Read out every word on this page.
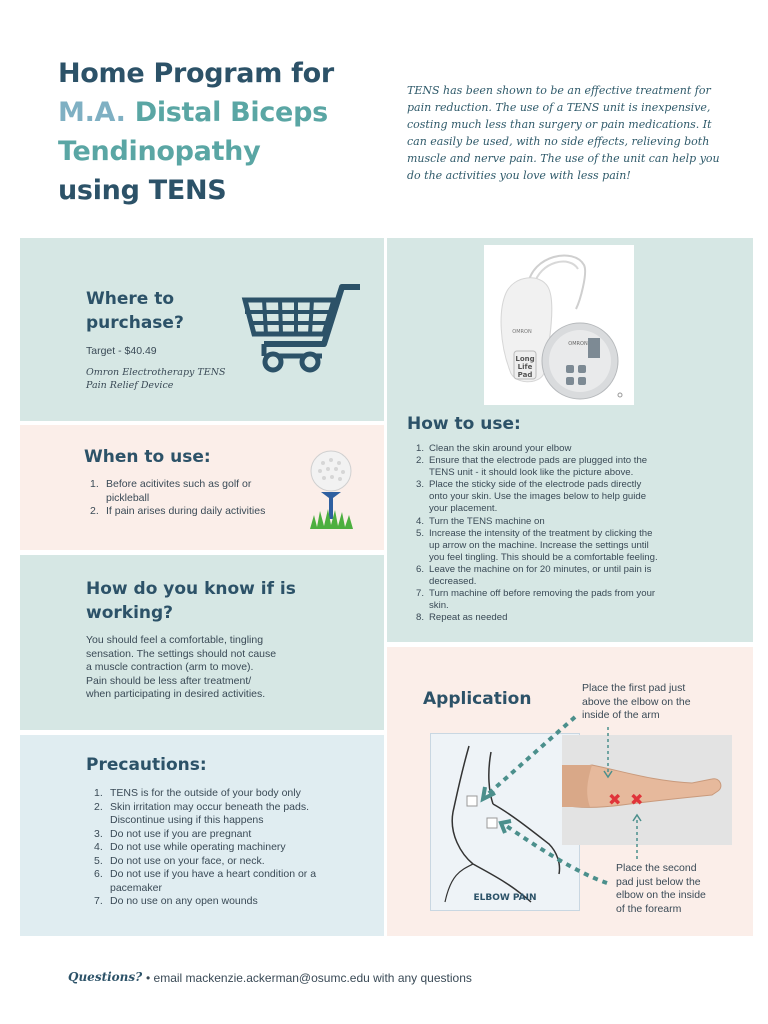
Home Program for
M.A. Distal Biceps
Tendinopathy
using TENS
TENS has been shown to be an effective treatment for
pain reduction. The use of a TENS unit is inexpensive,
costing much less than surgery or pain medications. It
can easily be used, with no side effects, relieving both
muscle and nerve pain. The use of the unit can help you
do the activities you love with less pain!
Where to
purchase?
Target - $40.49
Omron Electrotherapy TENS
Pain Relief Device
When to use:
1. Before acitivites such as golf or
pickleball
2. If pain arises during daily activities
How do you know if is
working?
You should feel a comfortable, tingling
sensation. The settings should not cause
a muscle contraction (arm to move).
Pain should be less after treatment/
when participating in desired activities.
Precautions:
1. TENS is for the outside of your body only
2. Skin irritation may occur beneath the pads.
Discontinue using if this happens
3. Do not use if you are pregnant
4. Do not use while operating machinery
5. Do not use on your face, or neck.
6. Do not use if you have a heart condition or a
pacemaker
7. Do no use on any open wounds
Long
Life
Pad
OMRON
OMRON
How to use:
1. Clean the skin around your elbow
2. Ensure that the electrode pads are plugged into the
TENS unit - it should look like the picture above.
3. Place the sticky side of the electrode pads directly
onto your skin. Use the images below to help guide
your placement.
4. Turn the TENS machine on
5. Increase the intensity of the treatment by clicking the
up arrow on the machine. Increase the settings until
you feel tingling. This should be a comfortable feeling.
6. Leave the machine on for 20 minutes, or until pain is
decreased.
7. Turn machine off before removing the pads from your
skin.
8. Repeat as needed
Application
Place the first pad just
above the elbow on the
inside of the arm
Place the second
pad just below the
elbow on the inside
of the forearm
ELBOW PAIN
✖ ✖
Questions? • email mackenzie.ackerman@osumc.edu with any questions
